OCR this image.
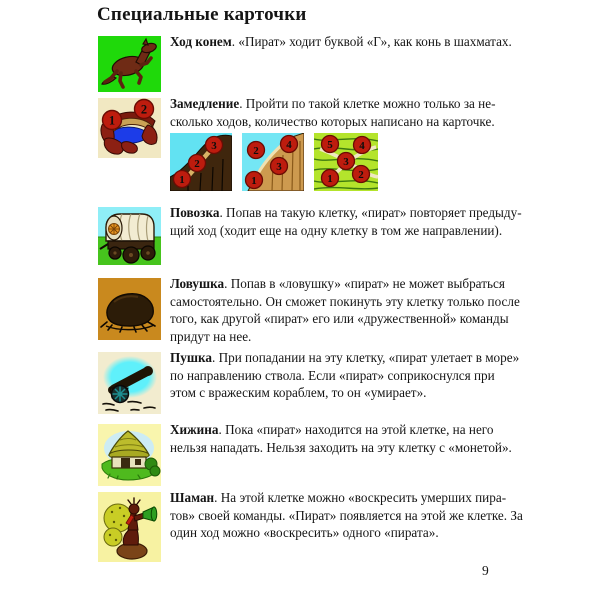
Специальные карточки
Ход конем. «Пират» ходит буквой «Г», как конь в шахматах.
1
2 Замедление. Пройти по такой клетке можно только за не-
сколько ходов, количество которых написано на карточке.
1
2
3	2	4
3
1
5 4
3
1 2
Повозка. Попав на такую клетку, «пират» повторяет предыду-
щий ход (ходит еще на одну клетку в том же направлении).
Ловушка. Попав в «ловушку» «пират» не может выбраться
самостоятельно. Он сможет покинуть эту клетку только после
того, как другой «пират» его или «дружественной» команды
придут на нее.
Пушка. При попадании на эту клетку, «пират улетает в море»
по направлению ствола. Если «пират» соприкоснулся при
этом с вражеским кораблем, то он «умирает».
Хижина. Пока «пират» находится на этой клетке, на него
нельзя нападать. Нельзя заходить на эту клетку с «монетой».
Шаман. На этой клетке можно «воскресить умерших пира-
тов» своей команды. «Пират» появляется на этой же клетке. За
один ход можно «воскресить» одного «пирата».
9
